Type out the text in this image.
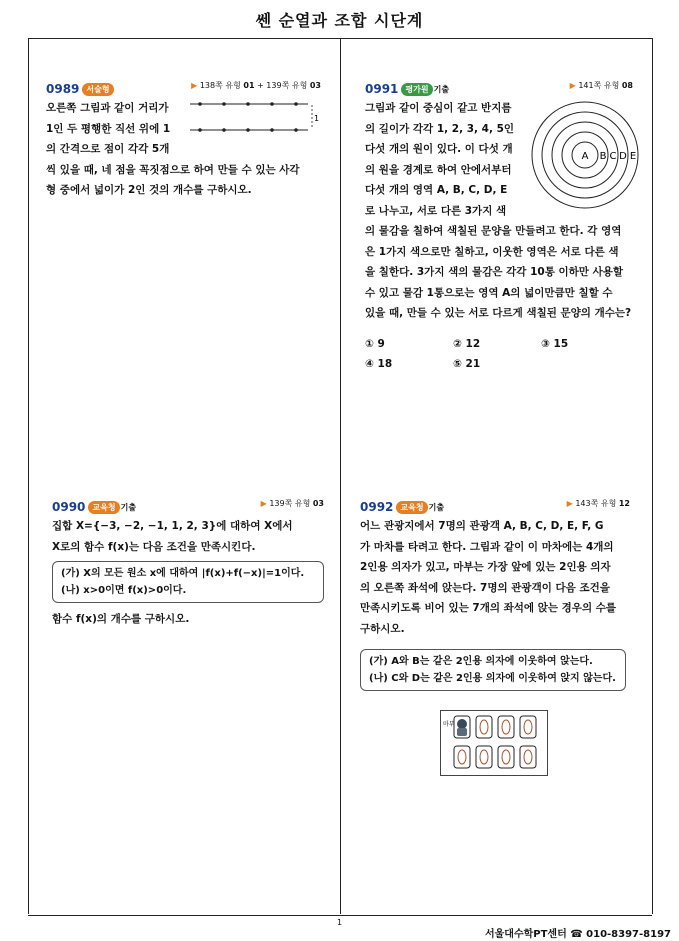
쎈 순열과 조합 시단계
0989 서술형	▶ 138쪽 유형 01 + 139쪽 유형 03

오른쪽 그림과 같이 거리가

1인 두 평행한 직선 위에 1

의 간격으로 점이 각각 5개

씩 있을 때, 네 점을 꼭짓점으로 하여 만들 수 있는 사각

형 중에서 넓이가 2인 것의 개수를 구하시오.

1
0991 평가원 기출	▶ 141쪽 유형 08

그림과 같이 중심이 같고 반지름

의 길이가 각각 1, 2, 3, 4, 5인

다섯 개의 원이 있다. 이 다섯 개

의 원을 경계로 하여 안에서부터

다섯 개의 영역 A, B, C, D, E

로 나누고, 서로 다른 3가지 색

의 물감을 칠하여 색칠된 문양을 만들려고 한다. 각 영역

은 1가지 색으로만 칠하고, 이웃한 영역은 서로 다른 색

을 칠한다. 3가지 색의 물감은 각각 10통 이하만 사용할

수 있고 물감 1통으로는 영역 A의 넓이만큼만 칠할 수

있을 때, 만들 수 있는 서로 다르게 색칠된 문양의 개수는?

A B C D E
① 9	② 12	③ 15
④ 18	⑤ 21
0990 교육청 기출	▶ 139쪽 유형 03

집합 X={−3, −2, −1, 1, 2, 3}에 대하여 X에서

X로의 함수 f(x)는 다음 조건을 만족시킨다.

(가) X의 모든 원소 x에 대하여 |f(x)+f(−x)|=1이다.
(나) x>0이면 f(x)>0이다.
함수 f(x)의 개수를 구하시오.
0992 교육청 기출	▶ 143쪽 유형 12

어느 관광지에서 7명의 관광객 A, B, C, D, E, F, G

가 마차를 타려고 한다. 그림과 같이 이 마차에는 4개의

2인용 의자가 있고, 마부는 가장 앞에 있는 2인용 의자

의 오른쪽 좌석에 앉는다. 7명의 관광객이 다음 조건을

만족시키도록 비어 있는 7개의 좌석에 앉는 경우의 수를

구하시오.

(가) A와 B는 같은 2인용 의자에 이웃하여 앉는다.
(나) C와 D는 같은 2인용 의자에 이웃하여 앉지 않는다.
마부
1
서울대수학PT센터 ☎ 010-8397-8197
